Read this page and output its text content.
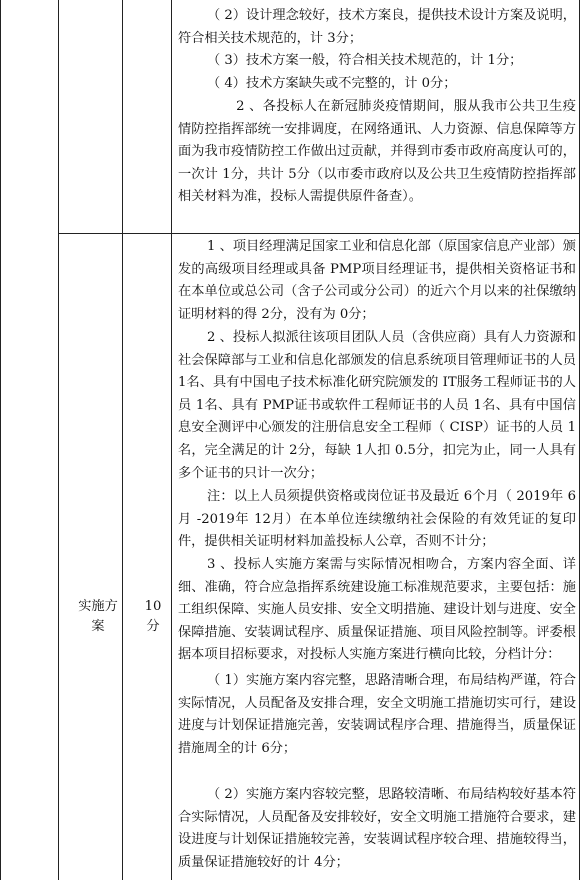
（ 2）设计理念较好，技术方案良，提供技术设计方案及说明，符合相关技术规范的，计 3分；

（ 3）技术方案一般，符合相关技术规范的，计 1分；

（ 4）技术方案缺失或不完整的，计 0分；

2 、各投标人在新冠肺炎疫情期间，服从我市公共卫生疫情防控指挥部统一安排调度，在网络通讯、人力资源、信息保障等方面为我市疫情防控工作做出过贡献，并得到市委市政府高度认可的，一次计 1分，共计 5分（以市委市政府以及公共卫生疫情防控指挥部相关材料为准，投标人需提供原件备查）。

实施方案
10分

1 、项目经理满足国家工业和信息化部（原国家信息产业部）颁发的高级项目经理或具备 PMP项目经理证书，提供相关资格证书和在本单位或总公司（含子公司或分公司）的近六个月以来的社保缴纳证明材料的得 2分，没有为 0分；

2 、投标人拟派往该项目团队人员（含供应商）具有人力资源和社会保障部与工业和信息化部颁发的信息系统项目管理师证书的人员 1名、具有中国电子技术标准化研究院颁发的 IT服务工程师证书的人员 1名、具有 PMP证书或软件工程师证书的人员 1名、具有中国信息安全测评中心颁发的注册信息安全工程师（ CISP）证书的人员 1名，完全满足的计 2分，每缺 1人扣 0.5分，扣完为止，同一人具有多个证书的只计一次分；

注：以上人员须提供资格或岗位证书及最近 6个月（ 2019年 6月 -2019年 12月）在本单位连续缴纳社会保险的有效凭证的复印件，提供相关证明材料加盖投标人公章，否则不计分；

3 、投标人实施方案需与实际情况相吻合，方案内容全面、详细、准确，符合应急指挥系统建设施工标准规范要求，主要包括：施工组织保障、实施人员安排、安全文明措施、建设计划与进度、安全保障措施、安装调试程序、质量保证措施、项目风险控制等。评委根据本项目招标要求，对投标人实施方案进行横向比较，分档计分：

（ 1）实施方案内容完整，思路清晰合理，布局结构严谨，符合实际情况，人员配备及安排合理，安全文明施工措施切实可行，建设进度与计划保证措施完善，安装调试程序合理、措施得当，质量保证措施周全的计 6分；

（ 2）实施方案内容较完整，思路较清晰、布局结构较好基本符合实际情况，人员配备及安排较好，安全文明施工措施符合要求，建设进度与计划保证措施较完善，安装调试程序较合理、措施较得当，质量保证措施较好的计 4分；
